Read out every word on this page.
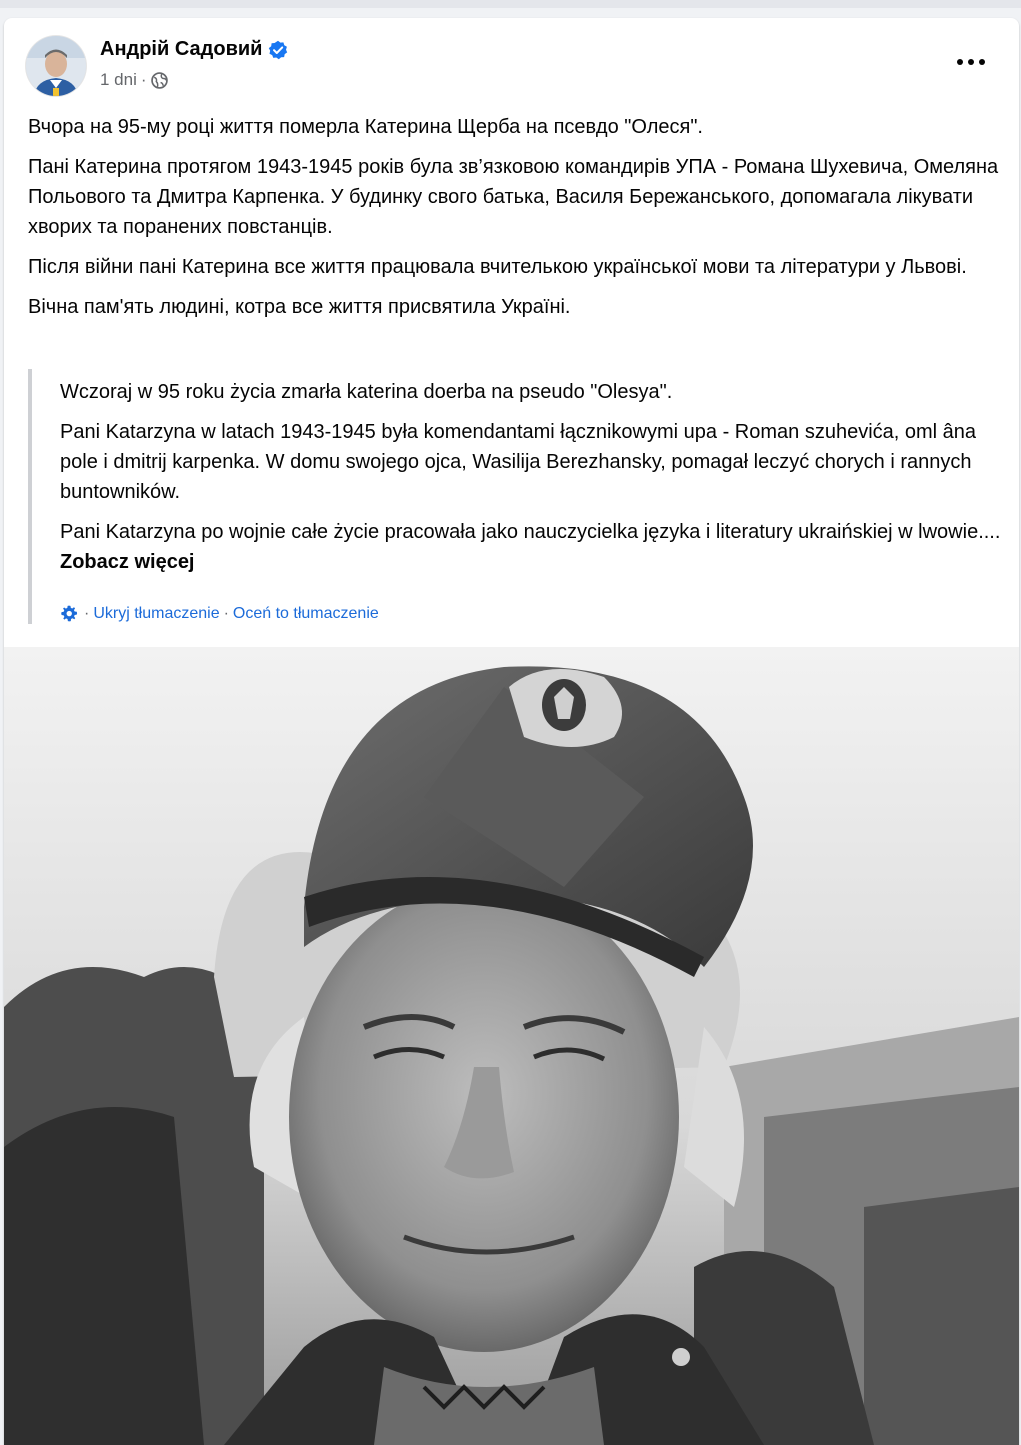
Андрій Садовий
1 dni ·

Вчора на 95-му році життя померла Катерина Щерба на псевдо "Олеся".

Пані Катерина протягом 1943-1945 років була зв’язковою командирів УПА - Романа Шухевича, Омеляна Польового та Дмитра Карпенка. У будинку свого батька, Василя Бережанського, допомагала лікувати хворих та поранених повстанців.

Після війни пані Катерина все життя працювала вчителькою української мови та літератури у Львові.

Вічна пам'ять людині, котра все життя присвятила Україні.

Wczoraj w 95 roku życia zmarła katerina doerba na pseudo "Olesya".

Pani Katarzyna w latach 1943-1945 była komendantami łącznikowymi upa - Roman szuhevića, oml âna pole i dmitrij karpenka. W domu swojego ojca, Wasilija Berezhansky, pomagał leczyć chorych i rannych buntowników.

Pani Katarzyna po wojnie całe życie pracowała jako nauczycielka języka i literatury ukraińskiej w lwowie.... Zobacz więcej

· Ukryj tłumaczenie · Oceń to tłumaczenie
